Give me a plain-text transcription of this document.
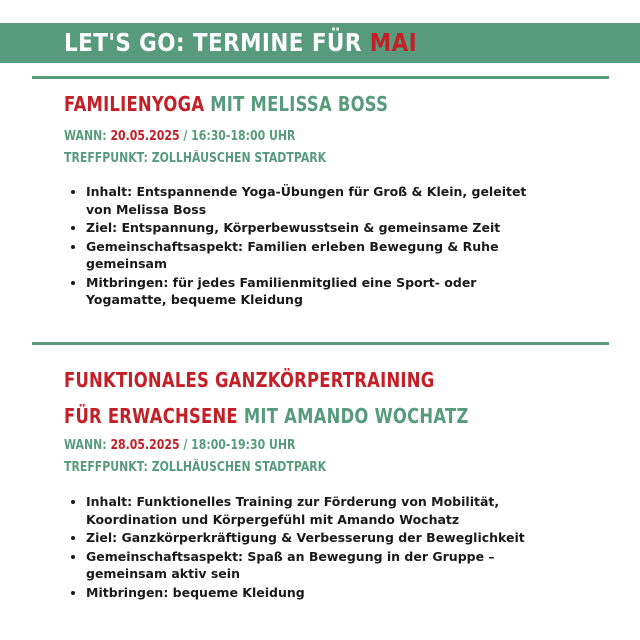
LET'S GO: TERMINE FÜR MAI
FAMILIENYOGA MIT MELISSA BOSS

WANN: 20.05.2025 / 16:30-18:00 UHR

TREFFPUNKT: ZOLLHÄUSCHEN STADTPARK

• Inhalt: Entspannende Yoga-Übungen für Groß & Klein, geleitet von Melissa Boss
• Ziel: Entspannung, Körperbewusstsein & gemeinsame Zeit
• Gemeinschaftsaspekt: Familien erleben Bewegung & Ruhe gemeinsam
• Mitbringen: für jedes Familienmitglied eine Sport- oder Yogamatte, bequeme Kleidung
FUNKTIONALES GANZKÖRPERTRAINING
FÜR ERWACHSENE MIT AMANDO WOCHATZ

WANN: 28.05.2025 / 18:00-19:30 UHR

TREFFPUNKT: ZOLLHÄUSCHEN STADTPARK

• Inhalt: Funktionelles Training zur Förderung von Mobilität, Koordination und Körpergefühl mit Amando Wochatz
• Ziel: Ganzkörperkräftigung & Verbesserung der Beweglichkeit
• Gemeinschaftsaspekt: Spaß an Bewegung in der Gruppe – gemeinsam aktiv sein
• Mitbringen: bequeme Kleidung
